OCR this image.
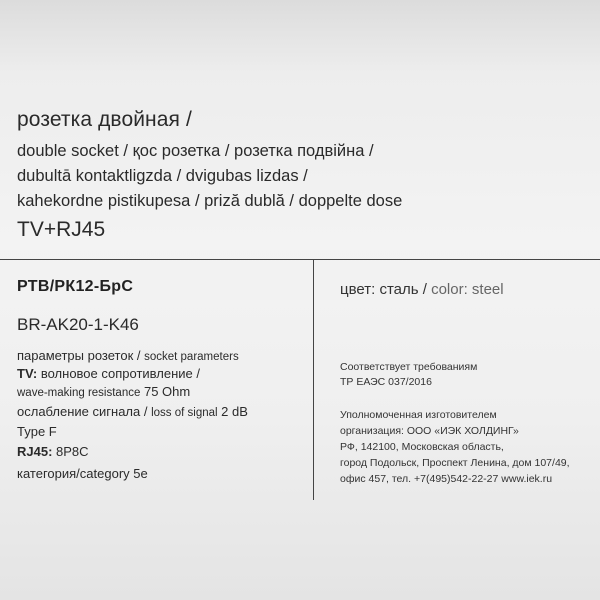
розетка двойная /
double socket / қос розетка / розетка подвійна /
dubultā kontaktligzda / dvigubas lizdas /
kahekordne pistikupesa / priză dublă / doppelte dose
TV+RJ45
РТВ/РК12-БрС
BR-AK20-1-K46
параметры розеток / socket parameters
TV: волновое сопротивление /
wave-making resistance 75 Ohm
ослабление сигнала / loss of signal 2 dB
Type F
RJ45: 8P8C
категория/category 5e
цвет: сталь / color: steel
Соответствует требованиям
ТР ЕАЭС 037/2016
Уполномоченная изготовителем
организация: ООО «ИЭК ХОЛДИНГ»
РФ, 142100, Московская область,
город Подольск, Проспект Ленина, дом 107/49,
офис 457, тел. +7(495)542-22-27 www.iek.ru
